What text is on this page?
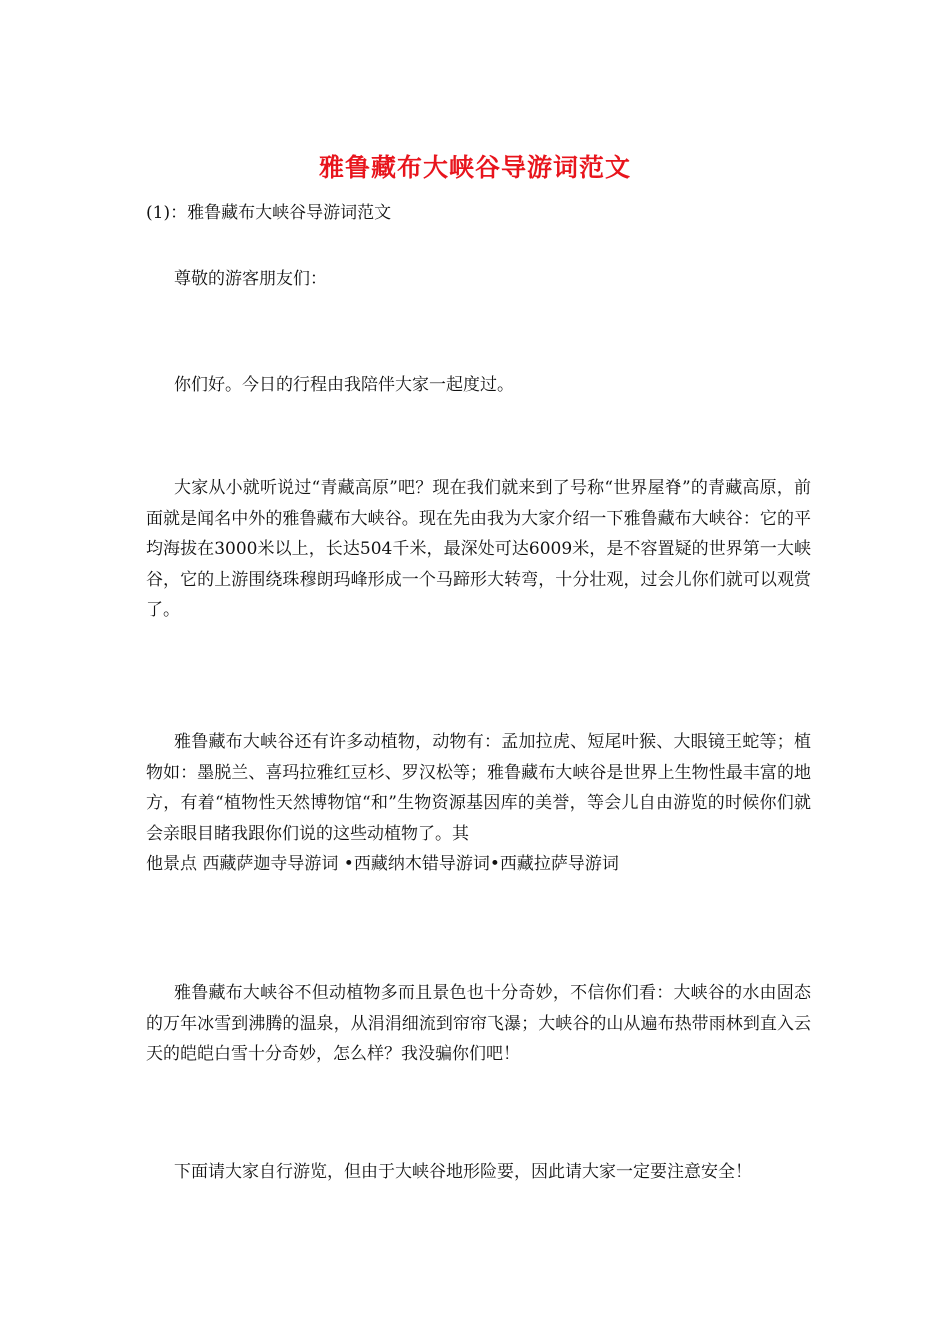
雅鲁藏布大峡谷导游词范文
(1)：雅鲁藏布大峡谷导游词范文

尊敬的游客朋友们：

你们好。今日的行程由我陪伴大家一起度过。

大家从小就听说过“青藏高原”吧？现在我们就来到了号称“世界屋脊”的青藏高原，前面就是闻名中外的雅鲁藏布大峡谷。现在先由我为大家介绍一下雅鲁藏布大峡谷：它的平均海拔在3000米以上，长达504千米，最深处可达6009米，是不容置疑的世界第一大峡谷，它的上游围绕珠穆朗玛峰形成一个马蹄形大转弯，十分壮观，过会儿你们就可以观赏了。

雅鲁藏布大峡谷还有许多动植物，动物有：孟加拉虎、短尾叶猴、大眼镜王蛇等；植物如：墨脱兰、喜玛拉雅红豆杉、罗汉松等；雅鲁藏布大峡谷是世界上生物性最丰富的地方，有着“植物性天然博物馆“和”生物资源基因库的美誉，等会儿自由游览的时候你们就会亲眼目睹我跟你们说的这些动植物了。其
他景点 西藏萨迦寺导游词 •西藏纳木错导游词•西藏拉萨导游词

雅鲁藏布大峡谷不但动植物多而且景色也十分奇妙，不信你们看：大峡谷的水由固态的万年冰雪到沸腾的温泉，从涓涓细流到帘帘飞瀑；大峡谷的山从遍布热带雨林到直入云天的皑皑白雪十分奇妙，怎么样？我没骗你们吧！

下面请大家自行游览，但由于大峡谷地形险要，因此请大家一定要注意安全！
